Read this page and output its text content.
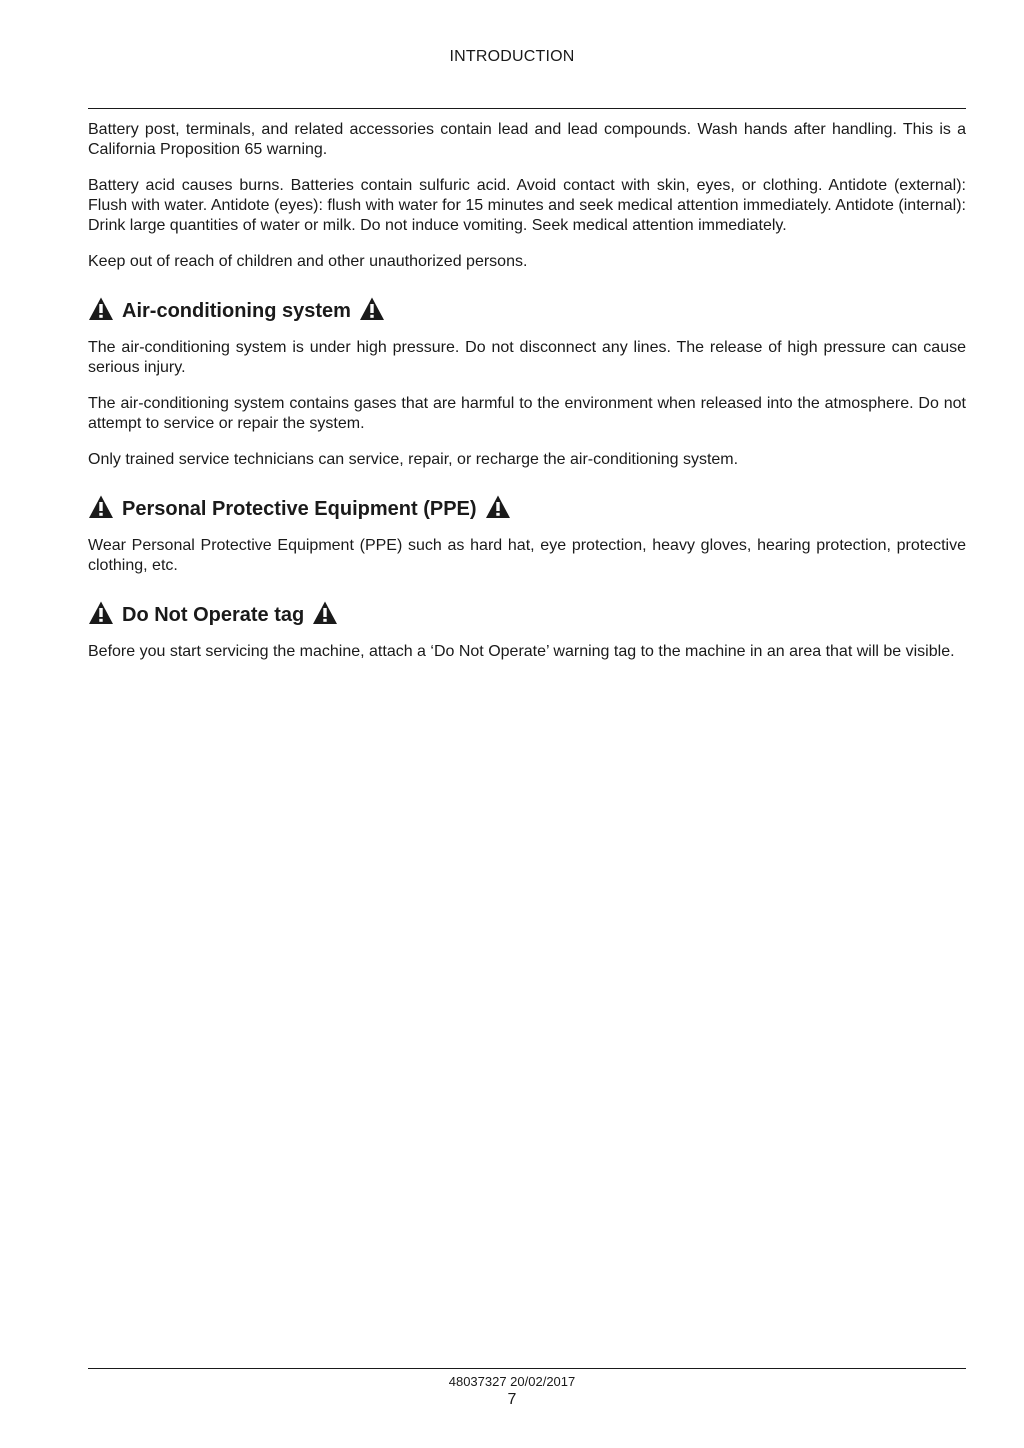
INTRODUCTION

Battery post, terminals, and related accessories contain lead and lead compounds. Wash hands after handling. This is a California Proposition 65 warning.

Battery acid causes burns. Batteries contain sulfuric acid. Avoid contact with skin, eyes, or clothing. Antidote (external): Flush with water. Antidote (eyes): flush with water for 15 minutes and seek medical attention immediately. Antidote (internal): Drink large quantities of water or milk. Do not induce vomiting. Seek medical attention immediately.

Keep out of reach of children and other unauthorized persons.

Air-conditioning system

The air-conditioning system is under high pressure. Do not disconnect any lines. The release of high pressure can cause serious injury.

The air-conditioning system contains gases that are harmful to the environment when released into the atmosphere. Do not attempt to service or repair the system.

Only trained service technicians can service, repair, or recharge the air-conditioning system.

Personal Protective Equipment (PPE)

Wear Personal Protective Equipment (PPE) such as hard hat, eye protection, heavy gloves, hearing protection, protective clothing, etc.

Do Not Operate tag

Before you start servicing the machine, attach a ‘Do Not Operate’ warning tag to the machine in an area that will be visible.

48037327 20/02/2017
7
